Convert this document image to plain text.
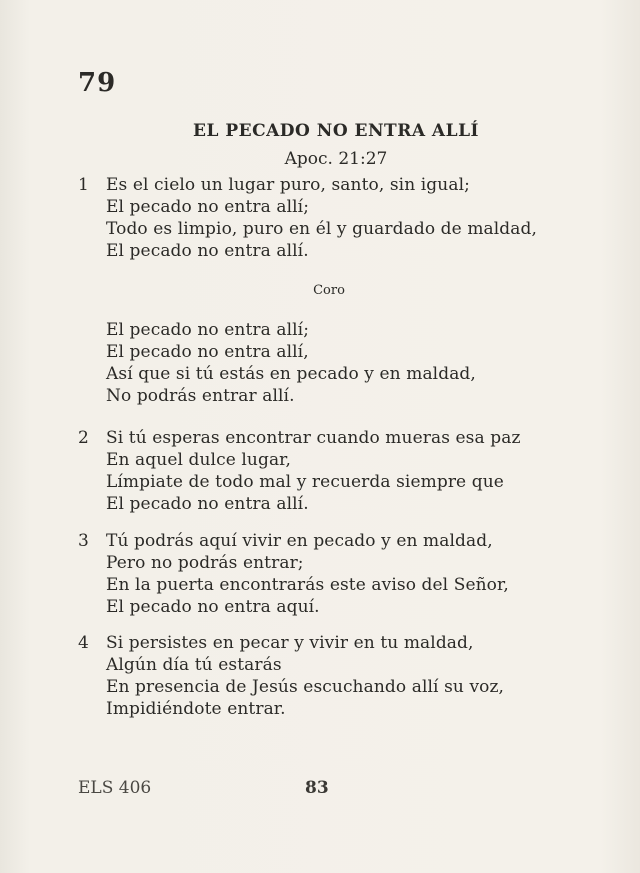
79
EL PECADO NO ENTRA ALLÍ
Apoc. 21:27
1 Es el cielo un lugar puro, santo, sin igual;
El pecado no entra allí;
Todo es limpio, puro en él y guardado de maldad,
El pecado no entra allí.
Coro
El pecado no entra allí;
El pecado no entra allí,
Así que si tú estás en pecado y en maldad,
No podrás entrar allí.
2 Si tú esperas encontrar cuando mueras esa paz
En aquel dulce lugar,
Límpiate de todo mal y recuerda siempre que
El pecado no entra allí.
3 Tú podrás aquí vivir en pecado y en maldad,
Pero no podrás entrar;
En la puerta encontrarás este aviso del Señor,
El pecado no entra aquí.
4 Si persistes en pecar y vivir en tu maldad,
Algún día tú estarás
En presencia de Jesús escuchando allí su voz,
Impidiéndote entrar.
ELS 406	83
